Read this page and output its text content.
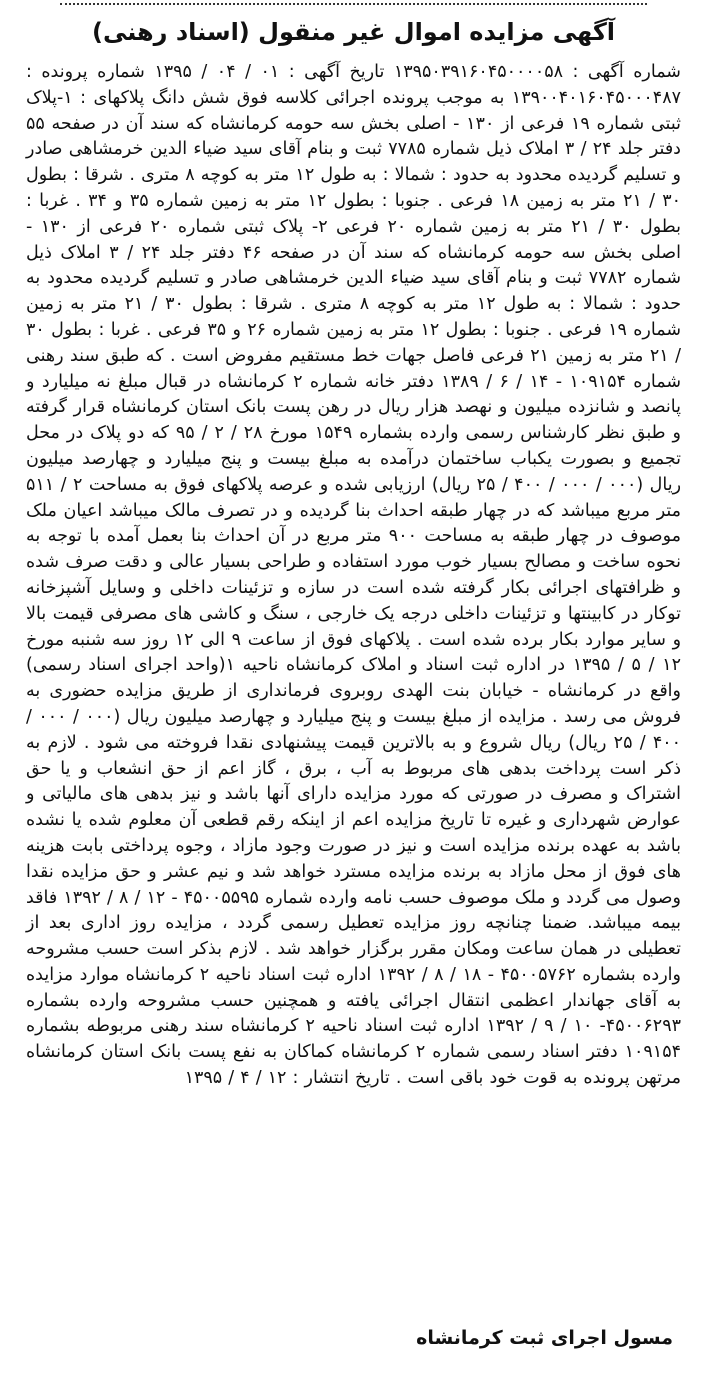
آگهی مزایده اموال غیر منقول (اسناد رهنی)

شماره آگهی : ۱۳۹۵۰۳۹۱۶۰۴۵۰۰۰۰۵۸ تاریخ آگهی : ۰۱ / ۰۴ / ۱۳۹۵ شماره پرونده : ۱۳۹۰۰۴۰۱۶۰۴۵۰۰۰۴۸۷ به موجب پرونده اجرائی کلاسه فوق شش دانگ پلاکهای : ۱-پلاک ثبتی شماره ۱۹ فرعی از ۱۳۰ - اصلی بخش سه حومه کرمانشاه که سند آن در صفحه ۵۵ دفتر جلد ۲۴ / ۳ املاک ذیل شماره ۷۷۸۵ ثبت و بنام آقای سید ضیاء الدین خرمشاهی صادر و تسلیم گردیده محدود به حدود : شمالا : به طول ۱۲ متر به کوچه ۸ متری . شرقا : بطول ۳۰ / ۲۱ متر به زمین ۱۸ فرعی . جنوبا : بطول ۱۲ متر به زمین شماره ۳۵ و ۳۴ . غربا : بطول ۳۰ / ۲۱ متر به زمین شماره ۲۰ فرعی ۲- پلاک ثبتی شماره ۲۰ فرعی از ۱۳۰ - اصلی بخش سه حومه کرمانشاه که سند آن در صفحه ۴۶ دفتر جلد ۲۴ / ۳ املاک ذیل شماره ۷۷۸۲ ثبت و بنام آقای سید ضیاء الدین خرمشاهی صادر و تسلیم گردیده محدود به حدود : شمالا : به طول ۱۲ متر به کوچه ۸ متری . شرقا : بطول ۳۰ / ۲۱ متر به زمین شماره ۱۹ فرعی . جنوبا : بطول ۱۲ متر به زمین شماره ۲۶ و ۳۵ فرعی . غربا : بطول ۳۰ / ۲۱ متر به زمین ۲۱ فرعی فاصل جهات خط مستقیم مفروض است . که طبق سند رهنی شماره ۱۰۹۱۵۴ - ۱۴ / ۶ / ۱۳۸۹ دفتر خانه شماره ۲ کرمانشاه در قبال مبلغ نه میلیارد و پانصد و شانزده میلیون و نهصد هزار ریال در رهن پست بانک استان کرمانشاه قرار گرفته و طبق نظر کارشناس رسمی وارده بشماره ۱۵۴۹ مورخ ۲۸ / ۲ / ۹۵ که دو پلاک در محل تجمیع و بصورت یکباب ساختمان درآمده به مبلغ بیست و پنج میلیارد و چهارصد میلیون ریال (۰۰۰ / ۰۰۰ / ۴۰۰ / ۲۵ ریال) ارزیابی شده و عرصه پلاکهای فوق به مساحت ۲ / ۵۱۱ متر مربع میباشد که در چهار طبقه احداث بنا گردیده و در تصرف مالک میباشد اعیان ملک موصوف در چهار طبقه به مساحت ۹۰۰ متر مربع در آن احداث بنا بعمل آمده با توجه به نحوه ساخت و مصالح بسیار خوب مورد استفاده و طراحی بسیار عالی و دقت صرف شده و ظرافتهای اجرائی بکار گرفته شده است در سازه و تزئینات داخلی و وسایل آشپزخانه توکار در کابینتها و تزئینات داخلی درجه یک خارجی ، سنگ و کاشی های مصرفی قیمت بالا و سایر موارد بکار برده شده است . پلاکهای فوق از ساعت ۹ الی ۱۲ روز سه شنبه مورخ ۱۲ / ۵ / ۱۳۹۵ در اداره ثبت اسناد و املاک کرمانشاه ناحیه ۱(واحد اجرای اسناد رسمی) واقع در کرمانشاه - خیابان بنت الهدی روبروی فرمانداری از طریق مزایده حضوری به فروش می رسد . مزایده از مبلغ بیست و پنج میلیارد و چهارصد میلیون ریال (۰۰۰ / ۰۰۰ / ۴۰۰ / ۲۵ ریال) ریال شروع و به بالاترین قیمت پیشنهادی نقدا فروخته می شود . لازم به ذکر است پرداخت بدهی های مربوط به آب ، برق ، گاز اعم از حق انشعاب و یا حق اشتراک و مصرف در صورتی که مورد مزایده دارای آنها باشد و نیز بدهی های مالیاتی و عوارض شهرداری و غیره تا تاریخ مزایده اعم از اینکه رقم قطعی آن معلوم شده یا نشده باشد به عهده برنده مزایده است و نیز در صورت وجود مازاد ، وجوه پرداختی بابت هزینه های فوق از محل مازاد به برنده مزایده مسترد خواهد شد و نیم عشر و حق مزایده نقدا وصول می گردد و ملک موصوف حسب نامه وارده شماره ۴۵۰۰۵۵۹۵ - ۱۲ / ۸ / ۱۳۹۲ فاقد بیمه میباشد. ضمنا چنانچه روز مزایده تعطیل رسمی گردد ، مزایده روز اداری بعد از تعطیلی در همان ساعت ومکان مقرر برگزار خواهد شد . لازم بذکر است حسب مشروحه وارده بشماره ۴۵۰۰۵۷۶۲ - ۱۸ / ۸ / ۱۳۹۲ اداره ثبت اسناد ناحیه ۲ کرمانشاه موارد مزایده به آقای جهاندار اعظمی انتقال اجرائی یافته و همچنین حسب مشروحه وارده بشماره ۴۵۰۰۶۲۹۳- ۱۰ / ۹ / ۱۳۹۲ اداره ثبت اسناد ناحیه ۲ کرمانشاه سند رهنی مربوطه بشماره ۱۰۹۱۵۴ دفتر اسناد رسمی شماره ۲ کرمانشاه کماکان به نفع پست بانک استان کرمانشاه مرتهن پرونده به قوت خود باقی است . تاریخ انتشار : ۱۲ / ۴ / ۱۳۹۵

مسول اجرای ثبت کرمانشاه
